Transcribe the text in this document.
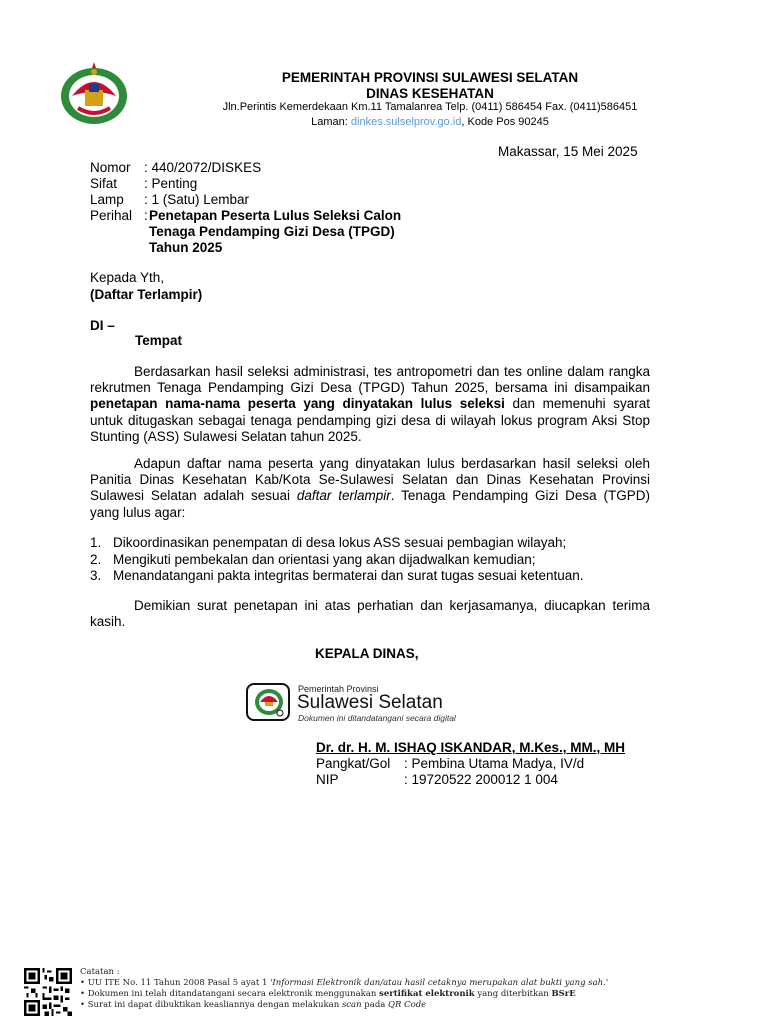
PEMERINTAH PROVINSI SULAWESI SELATAN
DINAS KESEHATAN
Jln.Perintis Kemerdekaan Km.11 Tamalanrea Telp. (0411) 586454 Fax. (0411)586451
Laman: dinkes.sulselprov.go.id, Kode Pos 90245
Makassar, 15 Mei 2025
Nomor : 440/2072/DISKES
Sifat	: Penting
Lamp	: 1 (Satu) Lembar
Perihal : Penetapan Peserta Lulus Seleksi Calon
Tenaga Pendamping Gizi Desa (TPGD)
Tahun 2025
Kepada Yth,
(Daftar Terlampir)
DI –
Tempat
Berdasarkan hasil seleksi administrasi, tes antropometri dan tes online dalam rangka rekrutmen Tenaga Pendamping Gizi Desa (TPGD) Tahun 2025, bersama ini disampaikan penetapan nama-nama peserta yang dinyatakan lulus seleksi dan memenuhi syarat untuk ditugaskan sebagai tenaga pendamping gizi desa di wilayah lokus program Aksi Stop Stunting (ASS) Sulawesi Selatan tahun 2025.
Adapun daftar nama peserta yang dinyatakan lulus berdasarkan hasil seleksi oleh Panitia Dinas Kesehatan Kab/Kota Se-Sulawesi Selatan dan Dinas Kesehatan Provinsi Sulawesi Selatan adalah sesuai daftar terlampir. Tenaga Pendamping Gizi Desa (TGPD) yang lulus agar:
1. Dikoordinasikan penempatan di desa lokus ASS sesuai pembagian wilayah;
2. Mengikuti pembekalan dan orientasi yang akan dijadwalkan kemudian;
3. Menandatangani pakta integritas bermaterai dan surat tugas sesuai ketentuan.
Demikian surat penetapan ini atas perhatian dan kerjasamanya, diucapkan terima kasih.
KEPALA DINAS,
Pemerintah Provinsi
Sulawesi Selatan
Dokumen ini ditandatangani secara digital
Dr. dr. H. M. ISHAQ ISKANDAR, M.Kes., MM., MH
Pangkat/Gol : Pembina Utama Madya, IV/d
NIP	: 19720522 200012 1 004
Catatan :
• UU ITE No. 11 Tahun 2008 Pasal 5 ayat 1 'Informasi Elektronik dan/atau hasil cetaknya merupakan alat bukti yang sah.'
• Dokumen ini telah ditandatangani secara elektronik menggunakan sertifikat elektronik yang diterbitkan BSrE
• Surat ini dapat dibuktikan keasliannya dengan melakukan scan pada QR Code
